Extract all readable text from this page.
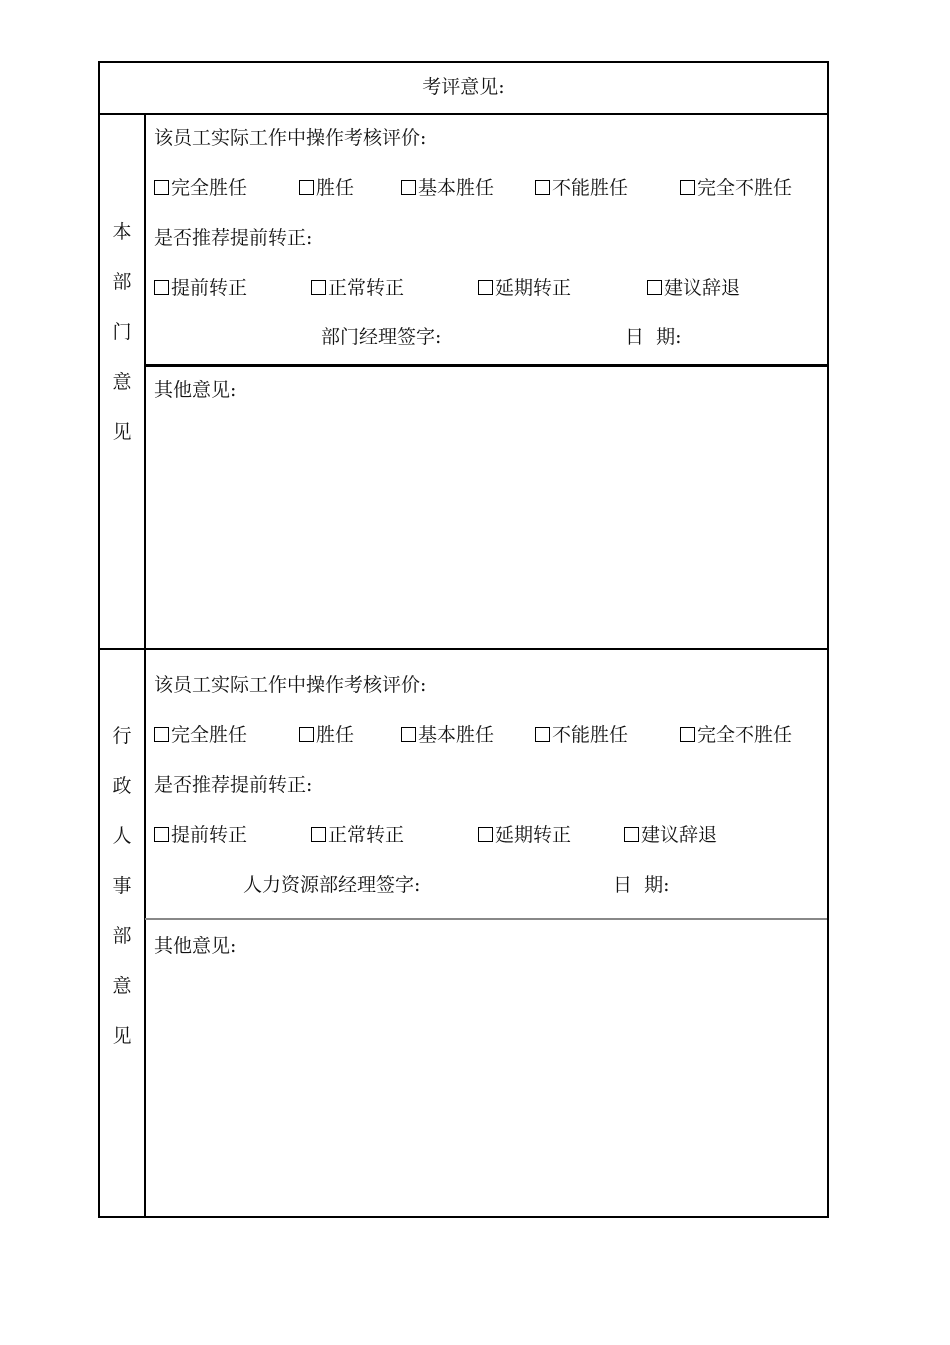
考评意见:
本
部
门
意
见
该员工实际工作中操作考核评价:
完全胜任	胜任	基本胜任	不能胜任	完全不胜任
是否推荐提前转正:
提前转正	正常转正	延期转正	建议辞退
部门经理签字:	日  期:
其他意见:
行
政
人
事
部
意
见
该员工实际工作中操作考核评价:
完全胜任	胜任	基本胜任	不能胜任	完全不胜任
是否推荐提前转正:
提前转正	正常转正	延期转正	建议辞退
人力资源部经理签字:	日  期:
其他意见:
